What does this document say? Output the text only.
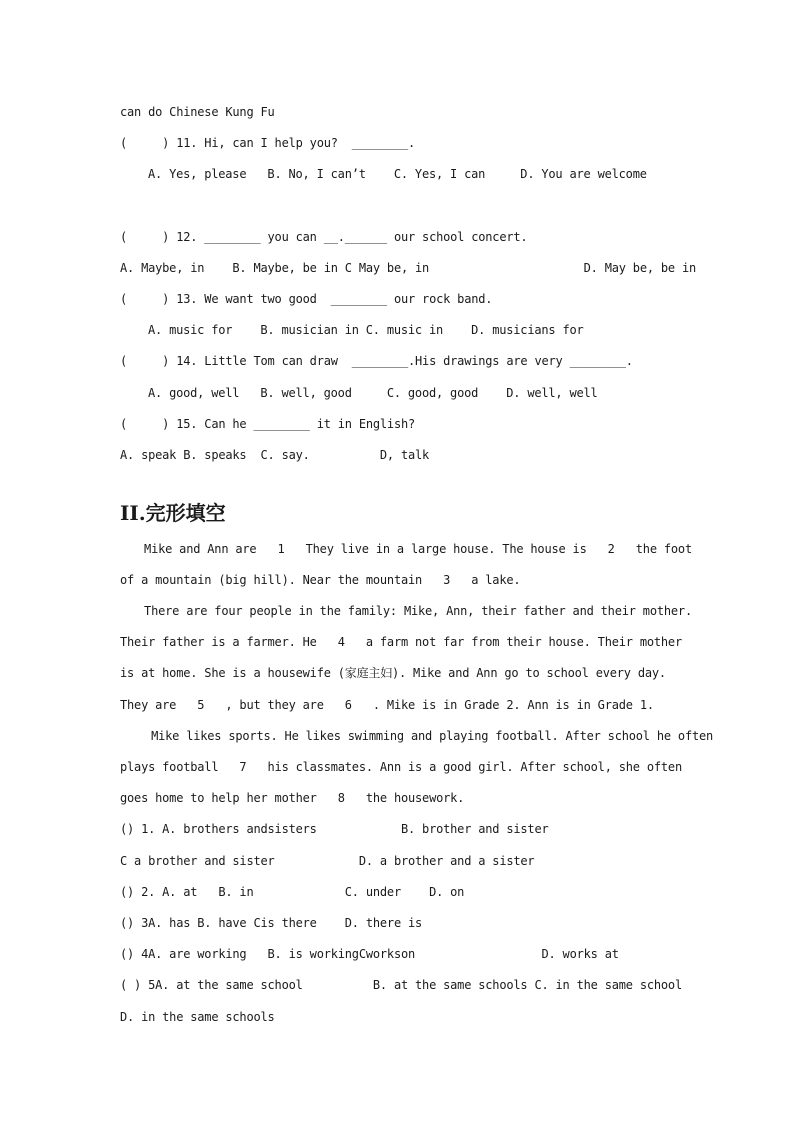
can do Chinese Kung Fu
(     ) 11. Hi, can I help you?  ________.
A. Yes, please   B. No, I can’t    C. Yes, I can     D. You are welcome
(     ) 12. ________ you can __.______ our school concert.
A. Maybe, in    B. Maybe, be in C May be, in                      D. May be, be in
(     ) 13. We want two good  ________ our rock band.
A. music for    B. musician in C. music in    D. musicians for
(     ) 14. Little Tom can draw  ________.His drawings are very ________.
A. good, well   B. well, good     C. good, good    D. well, well
(     ) 15. Can he ________ it in English?
A. speak B. speaks  C. say.          D, talk
II.完形填空
Mike and Ann are   1   They live in a large house. The house is   2   the foot
of a mountain (big hill). Near the mountain   3   a lake.
There are four people in the family: Mike, Ann, their father and their mother.
Their father is a farmer. He   4   a farm not far from their house. Their mother
is at home. She is a housewife (家庭主妇). Mike and Ann go to school every day.
They are   5   , but they are   6   . Mike is in Grade 2. Ann is in Grade 1.
Mike likes sports. He likes swimming and playing football. After school he often
plays football   7   his classmates. Ann is a good girl. After school, she often
goes home to help her mother   8   the housework.
() 1. A. brothers andsisters            B. brother and sister
C a brother and sister            D. a brother and a sister
() 2. A. at   B. in             C. under    D. on
() 3A. has B. have Cis there    D. there is
() 4A. are working   B. is workingCworkson                  D. works at
( ) 5A. at the same school          B. at the same schools C. in the same school
D. in the same schools
